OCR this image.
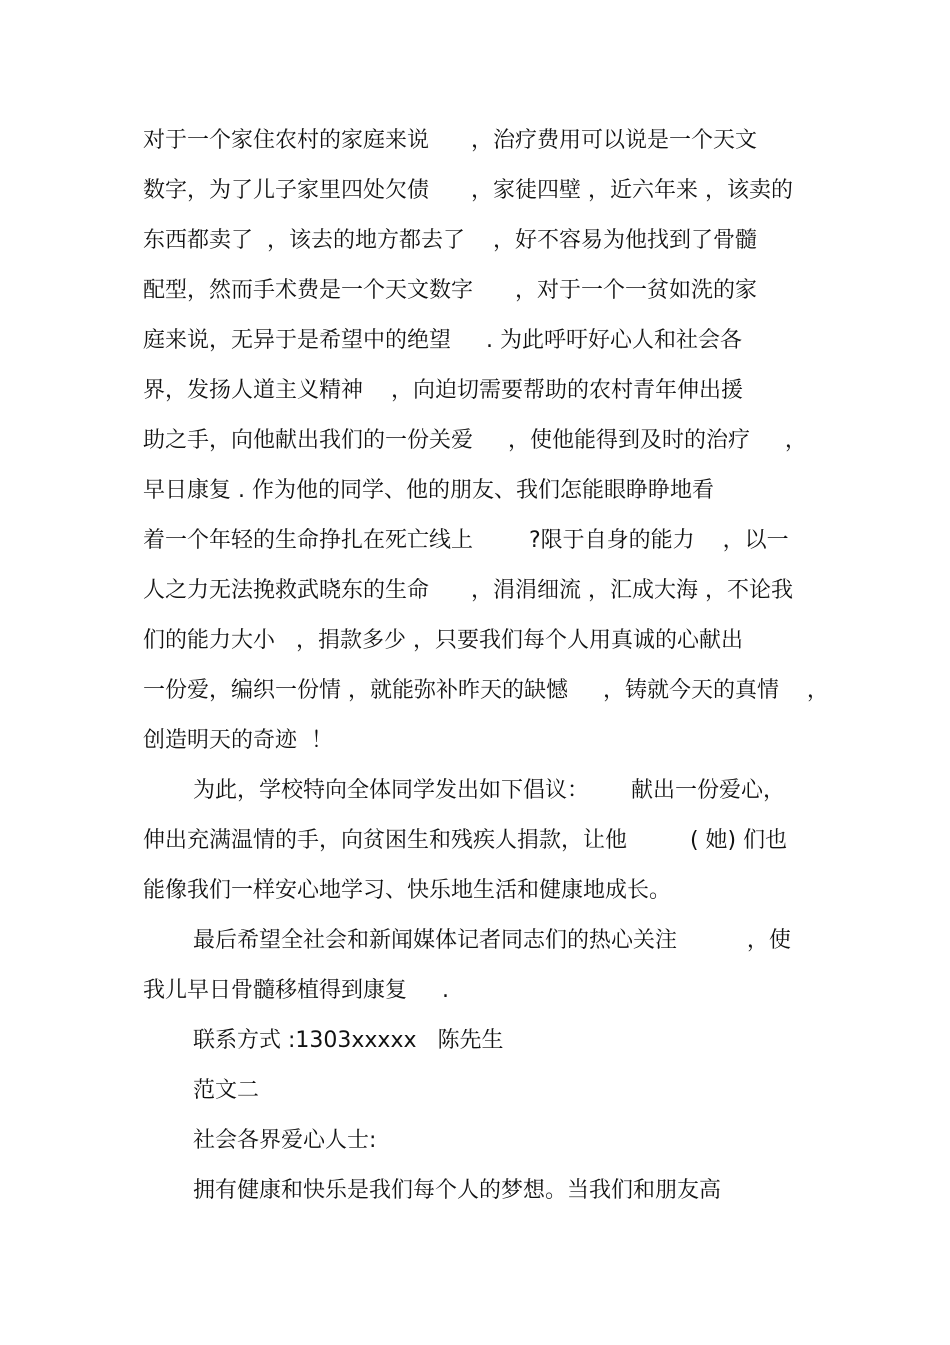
对于一个家住农村的家庭来说      ，治疗费用可以说是一个天文
数字，为了儿子家里四处欠债      ，家徒四壁 ，近六年来 ，该卖的
东西都卖了  ，该去的地方都去了    ，好不容易为他找到了骨髓
配型，然而手术费是一个天文数字      ，对于一个一贫如洗的家
庭来说，无异于是希望中的绝望     . 为此呼吁好心人和社会各
界，发扬人道主义精神    ，向迫切需要帮助的农村青年伸出援
助之手，向他献出我们的一份关爱     ，使他能得到及时的治疗     ，
早日康复 . 作为他的同学、他的朋友、我们怎能眼睁睁地看
着一个年轻的生命挣扎在死亡线上        ?限于自身的能力    ，以一
人之力无法挽救武晓东的生命      ，涓涓细流 ，汇成大海 ，不论我
们的能力大小   ，捐款多少 ，只要我们每个人用真诚的心献出
一份爱，编织一份情 ，就能弥补昨天的缺憾     ，铸就今天的真情    ，
创造明天的奇迹  ！
为此，学校特向全体同学发出如下倡议：      献出一份爱心，
伸出充满温情的手，向贫困生和残疾人捐款，让他         ( 她) 们也
能像我们一样安心地学习、快乐地生活和健康地成长。
最后希望全社会和新闻媒体记者同志们的热心关注          ，使
我儿早日骨髓移植得到康复     .
联系方式 :1303xxxxx   陈先生
范文二
社会各界爱心人士:
拥有健康和快乐是我们每个人的梦想。当我们和朋友高
